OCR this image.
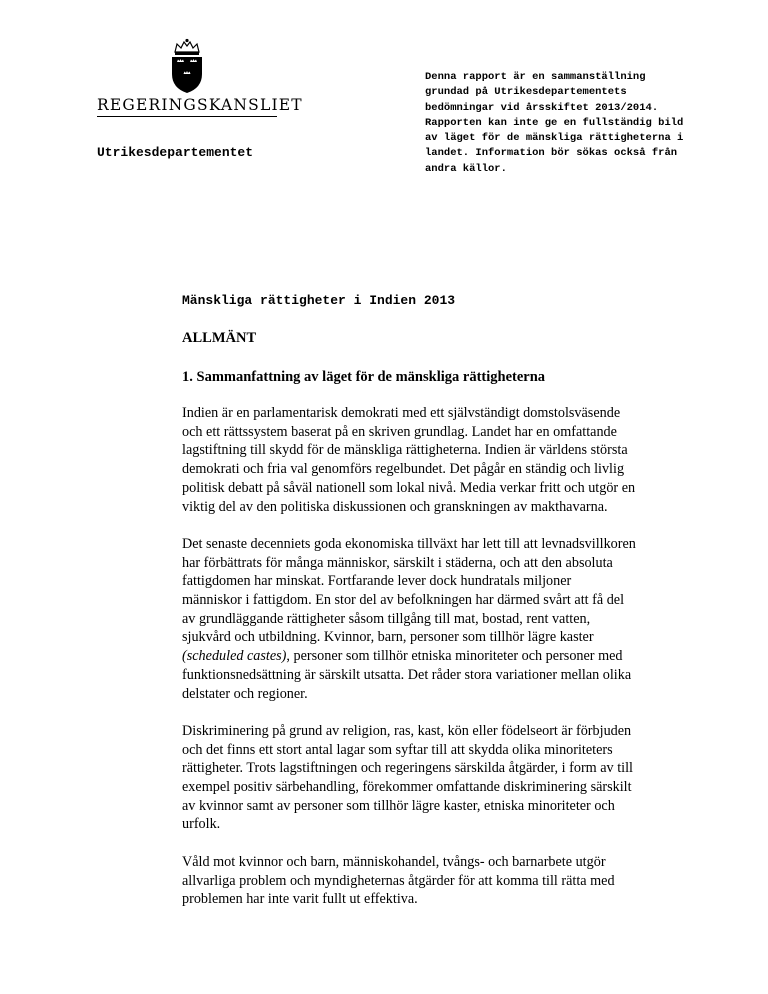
REGERINGSKANSLIET
Utrikesdepartementet
Denna rapport är en sammanställning
grundad på Utrikesdepartementets
bedömningar vid årsskiftet 2013/2014.
Rapporten kan inte ge en fullständig bild
av läget för de mänskliga rättigheterna i
landet. Information bör sökas också från
andra källor.
Mänskliga rättigheter i Indien 2013
ALLMÄNT
1. Sammanfattning av läget för de mänskliga rättigheterna
Indien är en parlamentarisk demokrati med ett självständigt domstolsväsende
och ett rättssystem baserat på en skriven grundlag. Landet har en omfattande
lagstiftning till skydd för de mänskliga rättigheterna. Indien är världens största
demokrati och fria val genomförs regelbundet. Det pågår en ständig och livlig
politisk debatt på såväl nationell som lokal nivå. Media verkar fritt och utgör en
viktig del av den politiska diskussionen och granskningen av makthavarna.
Det senaste decenniets goda ekonomiska tillväxt har lett till att levnadsvillkoren
har förbättrats för många människor, särskilt i städerna, och att den absoluta
fattigdomen har minskat. Fortfarande lever dock hundratals miljoner
människor i fattigdom. En stor del av befolkningen har därmed svårt att få del
av grundläggande rättigheter såsom tillgång till mat, bostad, rent vatten,
sjukvård och utbildning. Kvinnor, barn, personer som tillhör lägre kaster
(scheduled castes), personer som tillhör etniska minoriteter och personer med
funktionsnedsättning är särskilt utsatta. Det råder stora variationer mellan olika
delstater och regioner.
Diskriminering på grund av religion, ras, kast, kön eller födelseort är förbjuden
och det finns ett stort antal lagar som syftar till att skydda olika minoriteters
rättigheter. Trots lagstiftningen och regeringens särskilda åtgärder, i form av till
exempel positiv särbehandling, förekommer omfattande diskriminering särskilt
av kvinnor samt av personer som tillhör lägre kaster, etniska minoriteter och
urfolk.
Våld mot kvinnor och barn, människohandel, tvångs- och barnarbete utgör
allvarliga problem och myndigheternas åtgärder för att komma till rätta med
problemen har inte varit fullt ut effektiva.
